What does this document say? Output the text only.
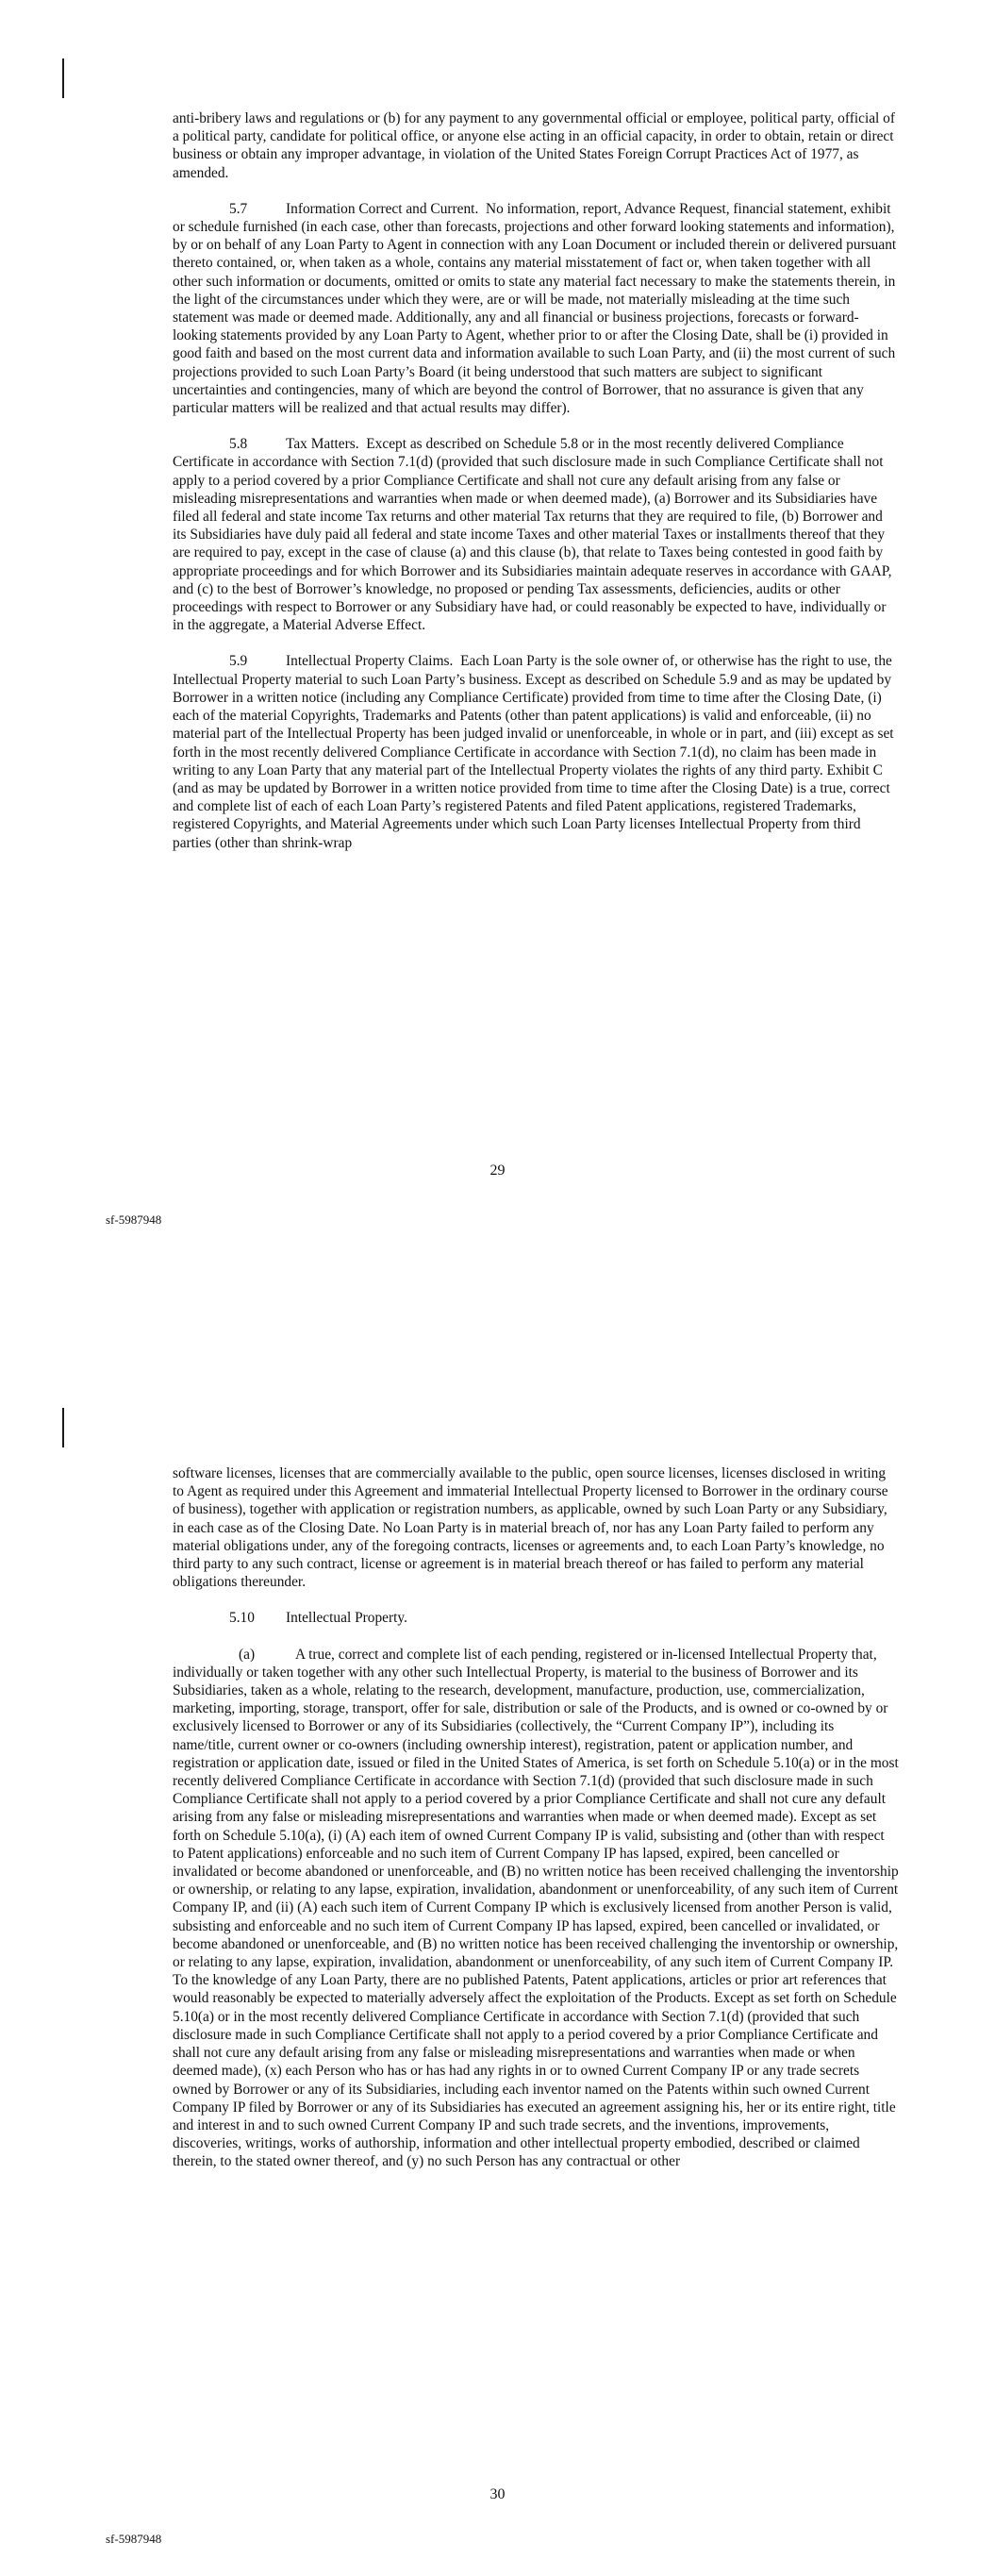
anti-bribery laws and regulations or (b) for any payment to any governmental official or employee, political party, official of a political party, candidate for political office, or anyone else acting in an official capacity, in order to obtain, retain or direct business or obtain any improper advantage, in violation of the United States Foreign Corrupt Practices Act of 1977, as amended.

5.7	Information Correct and Current. No information, report, Advance Request, financial statement, exhibit or schedule furnished (in each case, other than forecasts, projections and other forward looking statements and information), by or on behalf of any Loan Party to Agent in connection with any Loan Document or included therein or delivered pursuant thereto contained, or, when taken as a whole, contains any material misstatement of fact or, when taken together with all other such information or documents, omitted or omits to state any material fact necessary to make the statements therein, in the light of the circumstances under which they were, are or will be made, not materially misleading at the time such statement was made or deemed made. Additionally, any and all financial or business projections, forecasts or forward-looking statements provided by any Loan Party to Agent, whether prior to or after the Closing Date, shall be (i) provided in good faith and based on the most current data and information available to such Loan Party, and (ii) the most current of such projections provided to such Loan Party’s Board (it being understood that such matters are subject to significant uncertainties and contingencies, many of which are beyond the control of Borrower, that no assurance is given that any particular matters will be realized and that actual results may differ).

5.8	Tax Matters. Except as described on Schedule 5.8 or in the most recently delivered Compliance Certificate in accordance with Section 7.1(d) (provided that such disclosure made in such Compliance Certificate shall not apply to a period covered by a prior Compliance Certificate and shall not cure any default arising from any false or misleading misrepresentations and warranties when made or when deemed made), (a) Borrower and its Subsidiaries have filed all federal and state income Tax returns and other material Tax returns that they are required to file, (b) Borrower and its Subsidiaries have duly paid all federal and state income Taxes and other material Taxes or installments thereof that they are required to pay, except in the case of clause (a) and this clause (b), that relate to Taxes being contested in good faith by appropriate proceedings and for which Borrower and its Subsidiaries maintain adequate reserves in accordance with GAAP, and (c) to the best of Borrower’s knowledge, no proposed or pending Tax assessments, deficiencies, audits or other proceedings with respect to Borrower or any Subsidiary have had, or could reasonably be expected to have, individually or in the aggregate, a Material Adverse Effect.

5.9	Intellectual Property Claims. Each Loan Party is the sole owner of, or otherwise has the right to use, the Intellectual Property material to such Loan Party’s business. Except as described on Schedule 5.9 and as may be updated by Borrower in a written notice (including any Compliance Certificate) provided from time to time after the Closing Date, (i) each of the material Copyrights, Trademarks and Patents (other than patent applications) is valid and enforceable, (ii) no material part of the Intellectual Property has been judged invalid or unenforceable, in whole or in part, and (iii) except as set forth in the most recently delivered Compliance Certificate in accordance with Section 7.1(d), no claim has been made in writing to any Loan Party that any material part of the Intellectual Property violates the rights of any third party. Exhibit C (and as may be updated by Borrower in a written notice provided from time to time after the Closing Date) is a true, correct and complete list of each of each Loan Party’s registered Patents and filed Patent applications, registered Trademarks, registered Copyrights, and Material Agreements under which such Loan Party licenses Intellectual Property from third parties (other than shrink-wrap

29
sf-5987948

software licenses, licenses that are commercially available to the public, open source licenses, licenses disclosed in writing to Agent as required under this Agreement and immaterial Intellectual Property licensed to Borrower in the ordinary course of business), together with application or registration numbers, as applicable, owned by such Loan Party or any Subsidiary, in each case as of the Closing Date. No Loan Party is in material breach of, nor has any Loan Party failed to perform any material obligations under, any of the foregoing contracts, licenses or agreements and, to each Loan Party’s knowledge, no third party to any such contract, license or agreement is in material breach thereof or has failed to perform any material obligations thereunder.

5.10 Intellectual Property.

(a)	A true, correct and complete list of each pending, registered or in-licensed Intellectual Property that, individually or taken together with any other such Intellectual Property, is material to the business of Borrower and its Subsidiaries, taken as a whole, relating to the research, development, manufacture, production, use, commercialization, marketing, importing, storage, transport, offer for sale, distribution or sale of the Products, and is owned or co-owned by or exclusively licensed to Borrower or any of its Subsidiaries (collectively, the “Current Company IP”), including its name/title, current owner or co-owners (including ownership interest), registration, patent or application number, and registration or application date, issued or filed in the United States of America, is set forth on Schedule 5.10(a) or in the most recently delivered Compliance Certificate in accordance with Section 7.1(d) (provided that such disclosure made in such Compliance Certificate shall not apply to a period covered by a prior Compliance Certificate and shall not cure any default arising from any false or misleading misrepresentations and warranties when made or when deemed made). Except as set forth on Schedule 5.10(a), (i) (A) each item of owned Current Company IP is valid, subsisting and (other than with respect to Patent applications) enforceable and no such item of Current Company IP has lapsed, expired, been cancelled or invalidated or become abandoned or unenforceable, and (B) no written notice has been received challenging the inventorship or ownership, or relating to any lapse, expiration, invalidation, abandonment or unenforceability, of any such item of Current Company IP, and (ii) (A) each such item of Current Company IP which is exclusively licensed from another Person is valid, subsisting and enforceable and no such item of Current Company IP has lapsed, expired, been cancelled or invalidated, or become abandoned or unenforceable, and (B) no written notice has been received challenging the inventorship or ownership, or relating to any lapse, expiration, invalidation, abandonment or unenforceability, of any such item of Current Company IP. To the knowledge of any Loan Party, there are no published Patents, Patent applications, articles or prior art references that would reasonably be expected to materially adversely affect the exploitation of the Products. Except as set forth on Schedule 5.10(a) or in the most recently delivered Compliance Certificate in accordance with Section 7.1(d) (provided that such disclosure made in such Compliance Certificate shall not apply to a period covered by a prior Compliance Certificate and shall not cure any default arising from any false or misleading misrepresentations and warranties when made or when deemed made), (x) each Person who has or has had any rights in or to owned Current Company IP or any trade secrets owned by Borrower or any of its Subsidiaries, including each inventor named on the Patents within such owned Current Company IP filed by Borrower or any of its Subsidiaries has executed an agreement assigning his, her or its entire right, title and interest in and to such owned Current Company IP and such trade secrets, and the inventions, improvements, discoveries, writings, works of authorship, information and other intellectual property embodied, described or claimed therein, to the stated owner thereof, and (y) no such Person has any contractual or other

30
sf-5987948
